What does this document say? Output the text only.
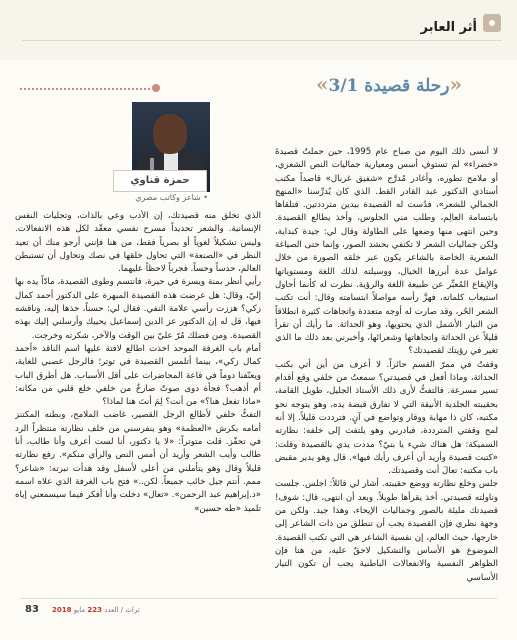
أثر العابر
«رحلة قصيدة 3/1»
حمزة قناوي
• شاعر وكاتب مصري

لا أنسى ذلك اليوم من صباح عام 1995، حين حملتُ قصيدةَ «خضراء» لم تستوفِ أسس ومعيارية جماليات النص الشعري، أو ملامح تطوره، وأغادر مُدرَّج «شفيق غربال» قاصداً مكتب أستاذي الدكتور عبد القادر القط. الذي كان يُدرِّسنا «المنهج الجمالي للشعر»، فدُست له القصيدة بيدين مترددتين. فتلقاها بابتسامة العالِم، وطلب مني الجلوس، وأخذ يطالع القصيدة. وحين انتهى منها وضعها على الطاولة وقال لي: جيدة كبداية، ولكن جماليات الشعر لا تكتفي بحشد الصور، وإنما حتى الصياغة الشعرية الخاصة بالشاعر يكون عبر خلقه الصورة من خلال عوامل عدة أبرزها الخيال، ووسيلته لذلك اللغة ومستوياتها والإيقاع المُعبِّر عن طبيعة اللغة والرؤية. نظرت له كأنما أحاول استيعاب كلماته، فهزَّ رأسه مواصلاً ابتسامته وقال: أنت تكتب الشعر الحُر، وقد صارت له أوجه متعددة واتجاهات كثيرة انطلاقاً من التيار الأشمل الذي يحتويها، وهو الحداثة. ما رأيك أن تقرأ قليلاً عن الحداثة واتجاهاتها وشعرائها، وأخبرني بعد ذلك ما الذي تغير في رؤيتك لقصيدتك؟

وقفتُ في ممرّ القسم حائراً. لا أعرف من أين أتي بكتب الحداثة، وماذا أفعل في قصيدتي؟ سمعتُ من خلفي وقع أقدام تسير مسرعة. فالتفتُّ لأرى ذلك الأستاذ الجليل، طويل القامة، بحقيبته الجلدية الأنيقة التي لا تفارق قبضة يده، وهو يتوجه نحو مكتبه، كان ذا مهابة ووقار وتواضع في آنٍ. فترددت قليلاً. إلا أنه لمح وقفتي المترددة، فبادرني وهو يلتفت إلى خلفه: نظارته السميكة: هل هناك شيء يا بنيّ؟ مددت يدي بالقصيدة وقلت: «كتبت قصيدة وأريد أن أعرف رأيك فيها». قال وهو يدير مقبض باب مكتبه: تعالَ أنت وقصيدتك.

جلس وخلع نظارته ووضع حقيبته. أشار لي قائلاً: اجلس. جلست وناولته قصيدتي. أخذ يقرأها طويلاً. وبعد أن انتهى، قال: شوف! قصيدتك مليئة بالصور وجماليات الإيحاء، وهذا جيد. ولكن من وجهة نظري فإن القصيدة يجب أن تنطلق من ذات الشاعر إلى خارجها، حيث العالم، إن نفسية الشاعر هي التي تكتب القصيدة. الموضوع هو الأساس والتشكيل لاحقٌ عليه، من هنا فإن الظواهر النفسية والانفعالات الباطنية يجب أن تكون التيار الأساسي

الذي تخلق منه قصيدتك، إن الأدب وعي بالذات، وتجليات النفس الإنسانية. والشعر تحديداً مسرح نفسي معقّد لكل هذه الانفعالات. وليس تشكيلاً لغوياً أو بصرياً فقط، من هنا فإنني أرجو منك أن تعيد النظر في «الصنعة» التي تحاول خلقها في نصك وتحاول أن تستبطن العالم، حدساً وحساً. فجرباً لاحظاً عليهما.

رأيي أنظر بمنة ويسرة في حيرة، فانتسم وطوى القصيدة، مادّاً يده بها إليّ، وقال: هل عرضت هذه القصيدة المبهرة على الدكتور أحمد كمال زكي؟ هززت رأسي علامة النفي. فقال لي: حسناً، خذها إليه، وناقشه فيها، قل له إن الدكتور عز الدين إسماعيل يحييك وأرسلني إليك بهذه القصيدة. ومن فضلك مُرّ عليّ بين الوقت والآخر، شكرته وخرجت.

أمام باب الغرفة الموحد اخذت اطالع لافتة عليها اسم الناقد «أحمد كمال زكي»، بينما أتلمس القصيدة في توتر؛ فالرجل عصبي للغاية، ويعنّفنا دوماً في قاعة المحاضرات على أقل الأسباب. هل أطرق الباب أم أذهب؟ فجأة دوى صوتٌ صارخٌ من خلفي خلع قلبي من مكانه: «ماذا تفعل هنا؟» من أنت؟ لِمَ أنتَ هنا لماذا؟

التفتُّ خلفي لأطالع الرجل القصير، غاضب الملامح، وبطنه المكتنز أمامه بكرش «العظمة» وهو ينفرسني من خلف نظارته منتظراً الرد في تحفّز. قلت متوتراً: «لا يا دكتور، أنا لست أعرف وأنا طالب، أنا طالب وأيب الشعر وأريد أن أمس النص والرأي منكم». رفع نظارته قليلاً وقال وهو يتأملني من أعلى لأسفل وقد هدأت نبرته: «شاعر؟ ممم. أنتم جيل خائب جميعاً. لكن..» فتح باب الغرفة الذي علاه اسمه «د.إبراهيم عبد الرحمن». «تعال» دخلت وأنا أفكر فيما سيسمعني إياه تلميذ «طه حسين»

83	تراث / العدد 223 مايو 2018
